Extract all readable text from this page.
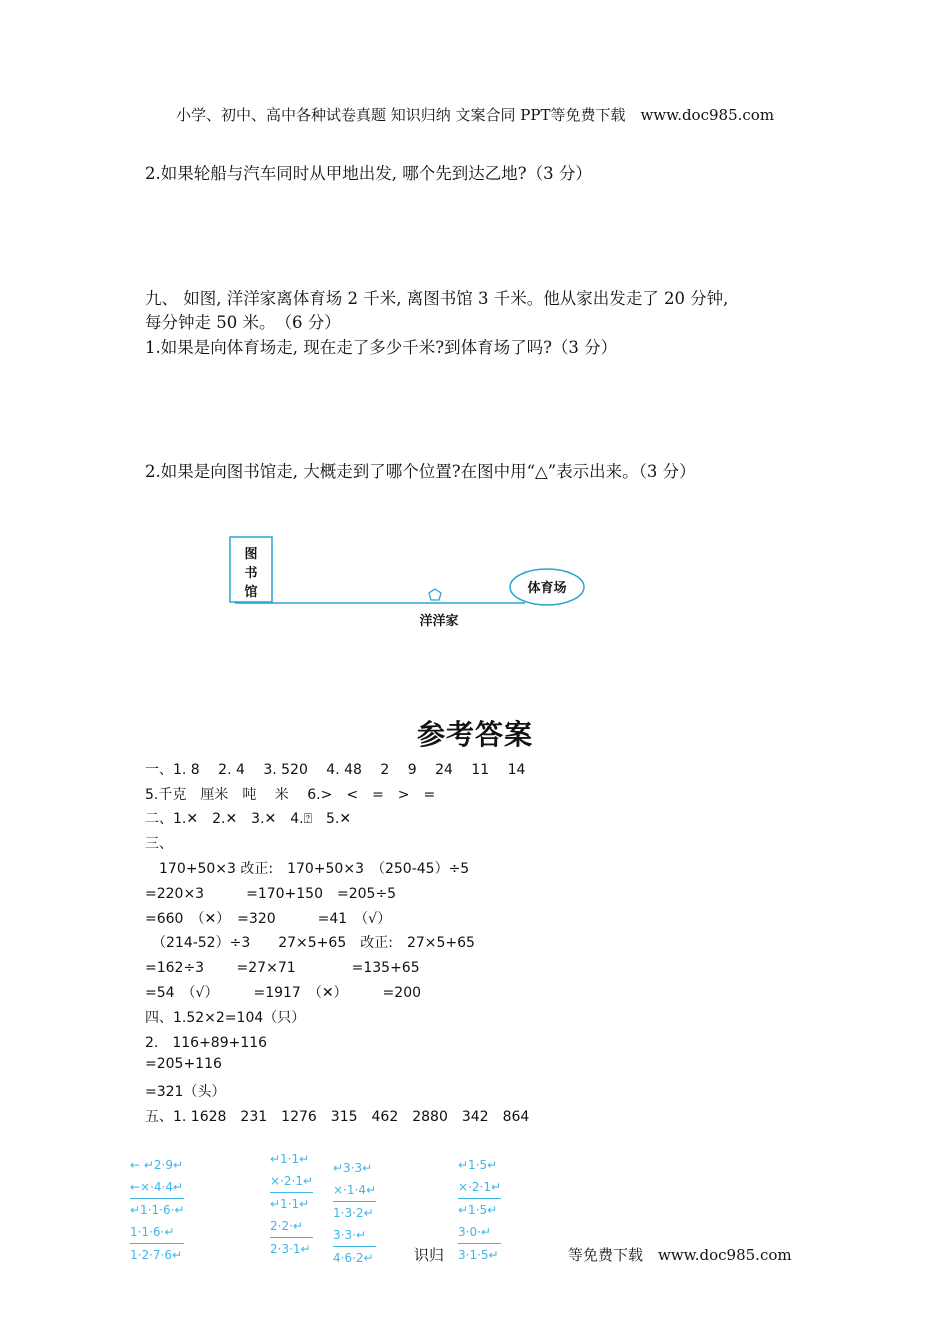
小学、初中、高中各种试卷真题 知识归纳 文案合同 PPT等免费下载　www.doc985.com
2.如果轮船与汽车同时从甲地出发, 哪个先到达乙地?（3 分）
九、 如图, 洋洋家离体育场 2 千米, 离图书馆 3 千米。他从家出发走了 20 分钟,
每分钟走 50 米。　（6 分）
1.如果是向体育场走, 现在走了多少千米?到体育场了吗?（3 分）
2.如果是向图书馆走, 大概走到了哪个位置?在图中用“△”表示出来。（3 分）
图
书
馆	体育场
洋洋家
参考答案
一、1. 8　 2. 4　 3. 520　 4. 48　 2　 9　 24　 11　 14
5.千克　厘米　吨　 米　 6.>　<　=　>　=
二、1.✕　2.✕　3.✕　4.⍰　5.✕
三、
　170+50×3 改正:　170+50×3　（250-45）÷5
=220×3　　　=170+150　=205÷5
=660　（✕）　=320　　　=41　（√）
　（214-52）÷3　　27×5+65　改正:　27×5+65
=162÷3　　 =27×71　　　　=135+65
=54　（√）　　　=1917　（✕）　　　=200
四、1.52×2=104（只）
2.　116+89+116
=205+116
=321（头）
五、1. 1628　231　1276　315　462　2880　342　864
← ↵2·9↵
←×·4·4↵
↵1·1·6·↵
1·1·6·↵
1·2·7·6↵
↵1·1↵
×·2·1↵
↵1·1↵
2·2·↵
2·3·1↵
↵3·3↵
×·1·4↵
1·3·2↵
3·3·↵
4·6·2↵
↵1·5↵
×·2·1↵
↵1·5↵
3·0·↵
3·1·5↵
识归	等免费下载　www.doc985.com
